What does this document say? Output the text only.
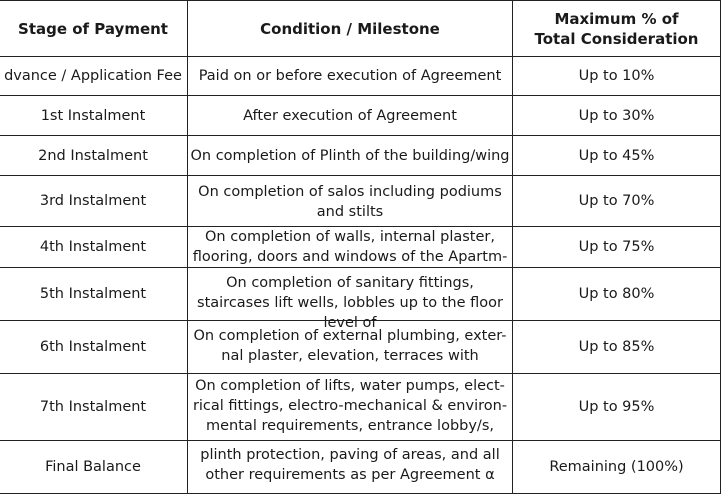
Stage of Payment	Condition / Milestone	Maximum % of
Total Consideration

dvance / Application Fee	Paid on or before execution of Agreement	Up to 10%
1st Instalment	After execution of Agreement	Up to 30%
2nd Instalment	On completion of Plinth of the building/wing	Up to 45%
3rd Instalment	On completion of salos including podiums and stilts	Up to 70%
4th Instalment	On completion of walls, internal plaster, flooring, doors and windows of the Apartm-	Up to 75%
5th Instalment	On completion of sanitary fittings, staircases lift wells, lobbles up to the floor level of	Up to 80%
6th Instalment	On completion of external plumbing, exter- nal plaster, elevation, terraces with	Up to 85%
7th Instalment	On completion of lifts, water pumps, elect- rical fittings, electro-mechanical & environ- mental requirements, entrance lobby/s,	Up to 95%
Final Balance	plinth protection, paving of areas, and all other requirements as per Agreement α	Remaining (100%)
